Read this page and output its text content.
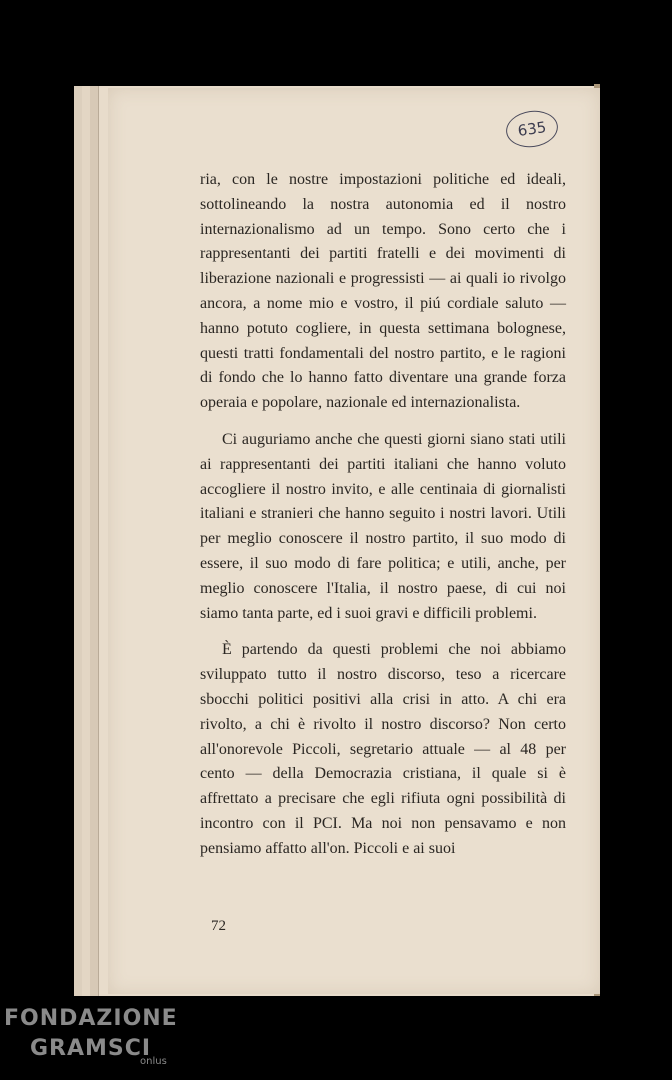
635

ria, con le nostre impostazioni politiche ed ideali, sottolineando la nostra autonomia ed il nostro internazionalismo ad un tempo. Sono certo che i rappresentanti dei partiti fratelli e dei movimenti di liberazione nazionali e progressisti — ai quali io rivolgo ancora, a nome mio e vostro, il piú cordiale saluto — hanno potuto cogliere, in questa settimana bolognese, questi tratti fondamentali del nostro partito, e le ragioni di fondo che lo hanno fatto diventare una grande forza operaia e popolare, nazionale ed internazionalista.

Ci auguriamo anche che questi giorni siano stati utili ai rappresentanti dei partiti italiani che hanno voluto accogliere il nostro invito, e alle centinaia di giornalisti italiani e stranieri che hanno seguito i nostri lavori. Utili per meglio conoscere il nostro partito, il suo modo di essere, il suo modo di fare politica; e utili, anche, per meglio conoscere l'Italia, il nostro paese, di cui noi siamo tanta parte, ed i suoi gravi e difficili problemi.

È partendo da questi problemi che noi abbiamo sviluppato tutto il nostro discorso, teso a ricercare sbocchi politici positivi alla crisi in atto. A chi era rivolto, a chi è rivolto il nostro discorso? Non certo all'onorevole Piccoli, segretario attuale — al 48 per cento — della Democrazia cristiana, il quale si è affrettato a precisare che egli rifiuta ogni possibilità di incontro con il PCI. Ma noi non pensavamo e non pensiamo affatto all'on. Piccoli e ai suoi

72
FONDAZIONE
GRAMSCI
onlus
